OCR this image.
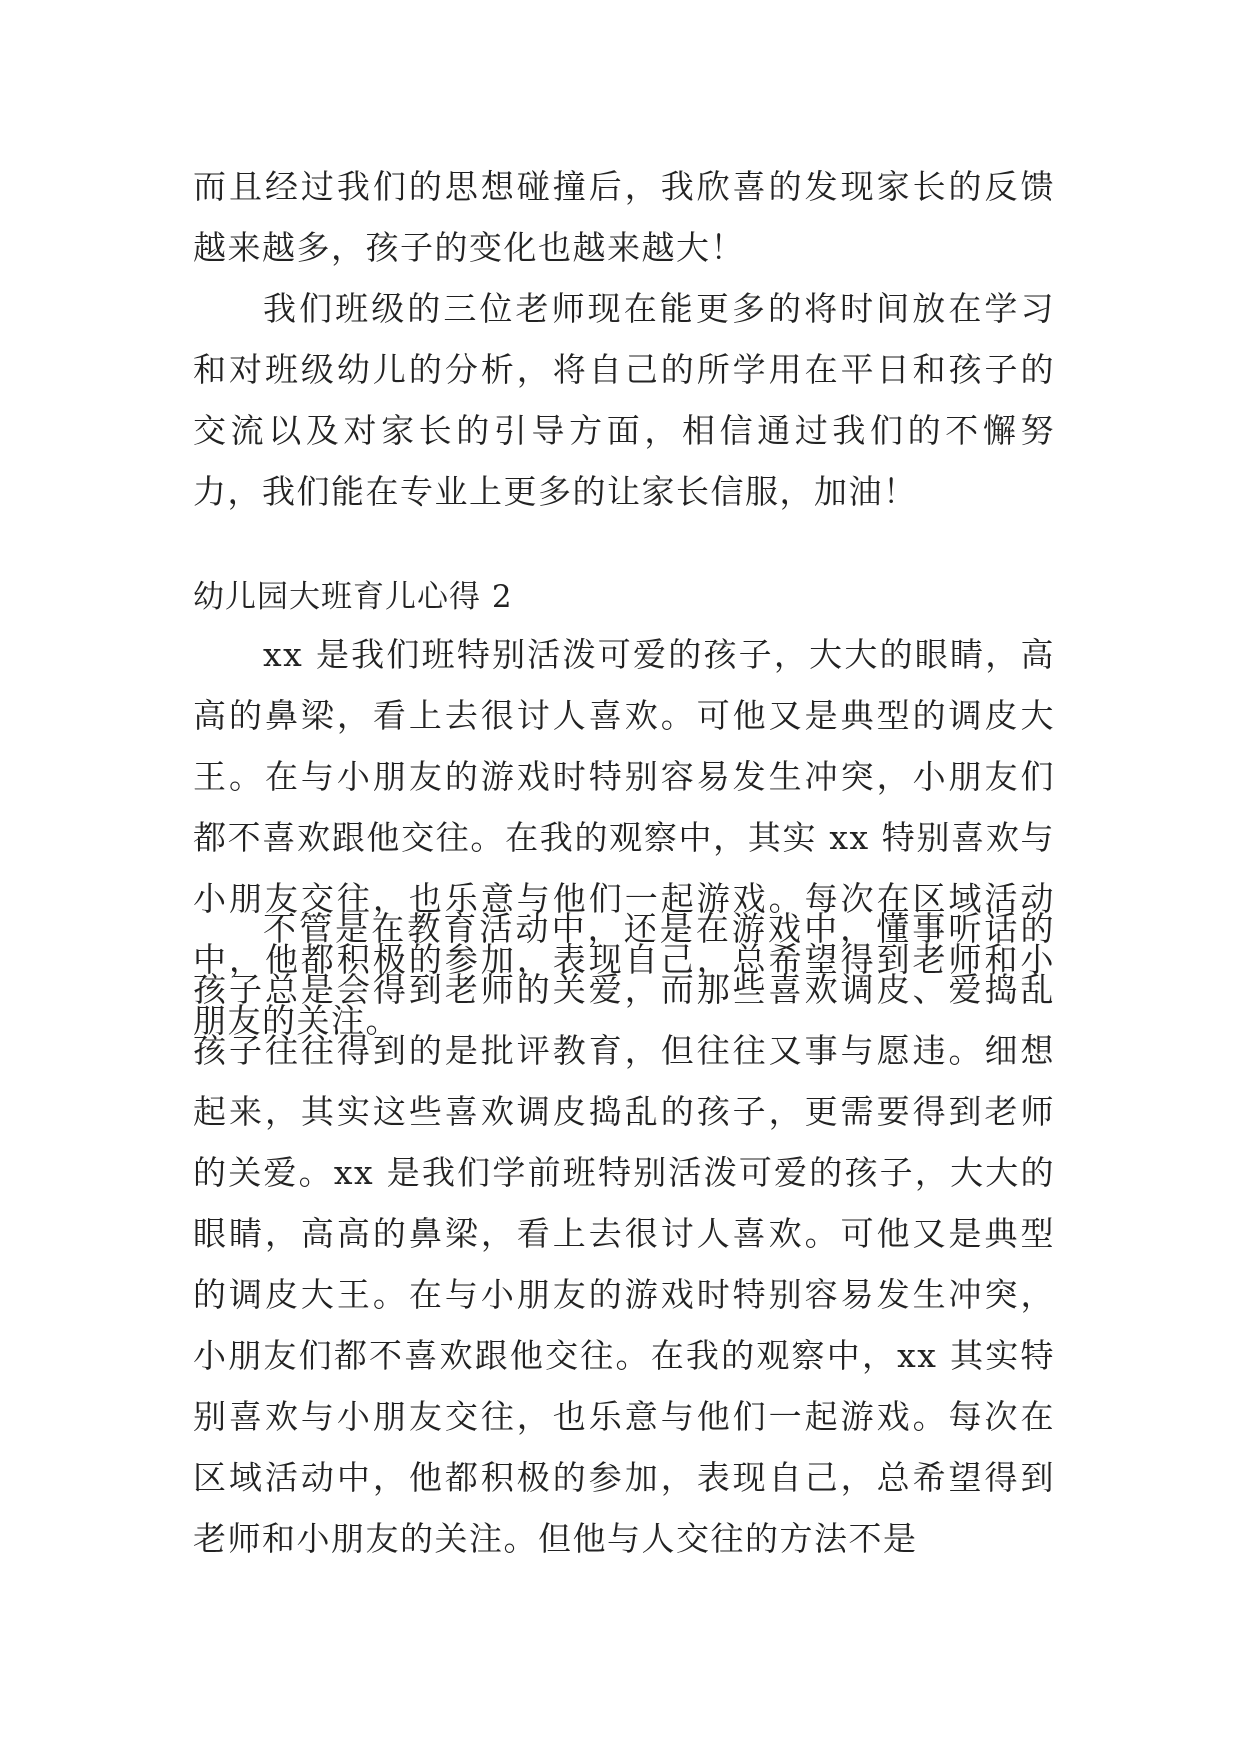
而且经过我们的思想碰撞后，我欣喜的发现家长的反馈越来越多，孩子的变化也越来越大！

我们班级的三位老师现在能更多的将时间放在学习和对班级幼儿的分析，将自己的所学用在平日和孩子的交流以及对家长的引导方面，相信通过我们的不懈努力，我们能在专业上更多的让家长信服，加油！

幼儿园大班育儿心得 2

xx 是我们班特别活泼可爱的孩子，大大的眼睛，高高的鼻梁，看上去很讨人喜欢。可他又是典型的调皮大王。在与小朋友的游戏时特别容易发生冲突，小朋友们都不喜欢跟他交往。在我的观察中，其实 xx 特别喜欢与小朋友交往，也乐意与他们一起游戏。每次在区域活动中，他都积极的参加，表现自己，总希望得到老师和小朋友的关注。

不管是在教育活动中，还是在游戏中，懂事听话的孩子总是会得到老师的关爱，而那些喜欢调皮、爱捣乱孩子往往得到的是批评教育，但往往又事与愿违。细想起来，其实这些喜欢调皮捣乱的孩子，更需要得到老师的关爱。xx 是我们学前班特别活泼可爱的孩子，大大的眼睛，高高的鼻梁，看上去很讨人喜欢。可他又是典型的调皮大王。在与小朋友的游戏时特别容易发生冲突，小朋友们都不喜欢跟他交往。在我的观察中，xx 其实特别喜欢与小朋友交往，也乐意与他们一起游戏。每次在区域活动中，他都积极的参加，表现自己，总希望得到老师和小朋友的关注。但他与人交往的方法不是
